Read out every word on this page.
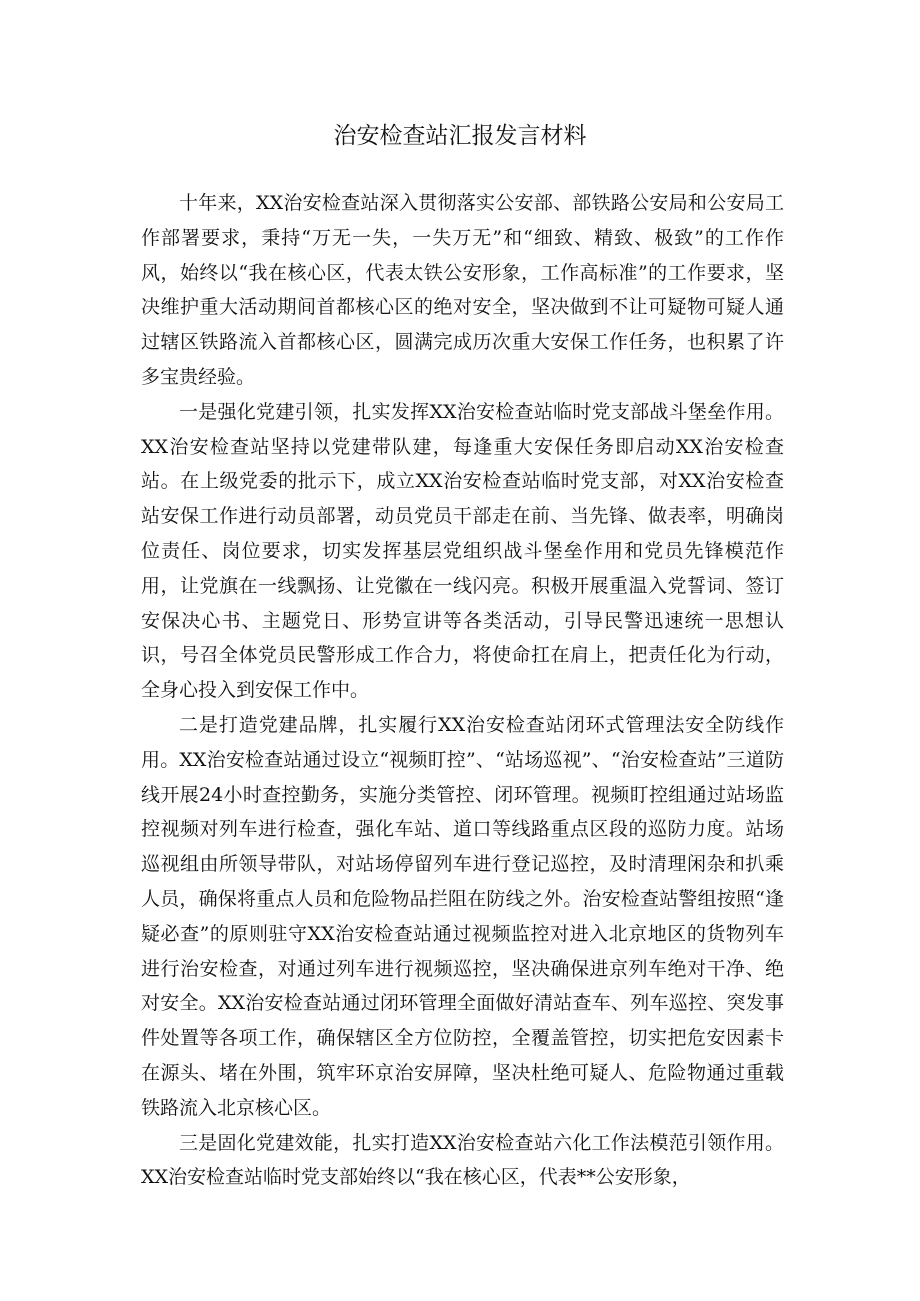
治安检查站汇报发言材料

十年来，XX治安检查站深入贯彻落实公安部、部铁路公安局和公安局工作部署要求，秉持“万无一失，一失万无”和“细致、精致、极致”的工作作风，始终以“我在核心区，代表太铁公安形象，工作高标准”的工作要求，坚决维护重大活动期间首都核心区的绝对安全，坚决做到不让可疑物可疑人通过辖区铁路流入首都核心区，圆满完成历次重大安保工作任务，也积累了许多宝贵经验。

一是强化党建引领，扎实发挥XX治安检查站临时党支部战斗堡垒作用。XX治安检查站坚持以党建带队建，每逢重大安保任务即启动XX治安检查站。在上级党委的批示下，成立XX治安检查站临时党支部，对XX治安检查站安保工作进行动员部署，动员党员干部走在前、当先锋、做表率，明确岗位责任、岗位要求，切实发挥基层党组织战斗堡垒作用和党员先锋模范作用，让党旗在一线飘扬、让党徽在一线闪亮。积极开展重温入党誓词、签订安保决心书、主题党日、形势宣讲等各类活动，引导民警迅速统一思想认识，号召全体党员民警形成工作合力，将使命扛在肩上，把责任化为行动，全身心投入到安保工作中。

二是打造党建品牌，扎实履行XX治安检查站闭环式管理法安全防线作用。XX治安检查站通过设立“视频盯控”、“站场巡视”、“治安检查站”三道防线开展24小时查控勤务，实施分类管控、闭环管理。视频盯控组通过站场监控视频对列车进行检查，强化车站、道口等线路重点区段的巡防力度。站场巡视组由所领导带队，对站场停留列车进行登记巡控，及时清理闲杂和扒乘人员，确保将重点人员和危险物品拦阻在防线之外。治安检查站警组按照“逢疑必查”的原则驻守XX治安检查站通过视频监控对进入北京地区的货物列车进行治安检查，对通过列车进行视频巡控，坚决确保进京列车绝对干净、绝对安全。XX治安检查站通过闭环管理全面做好清站查车、列车巡控、突发事件处置等各项工作，确保辖区全方位防控，全覆盖管控，切实把危安因素卡在源头、堵在外围，筑牢环京治安屏障，坚决杜绝可疑人、危险物通过重载铁路流入北京核心区。

三是固化党建效能，扎实打造XX治安检查站六化工作法模范引领作用。XX治安检查站临时党支部始终以“我在核心区，代表**公安形象，
